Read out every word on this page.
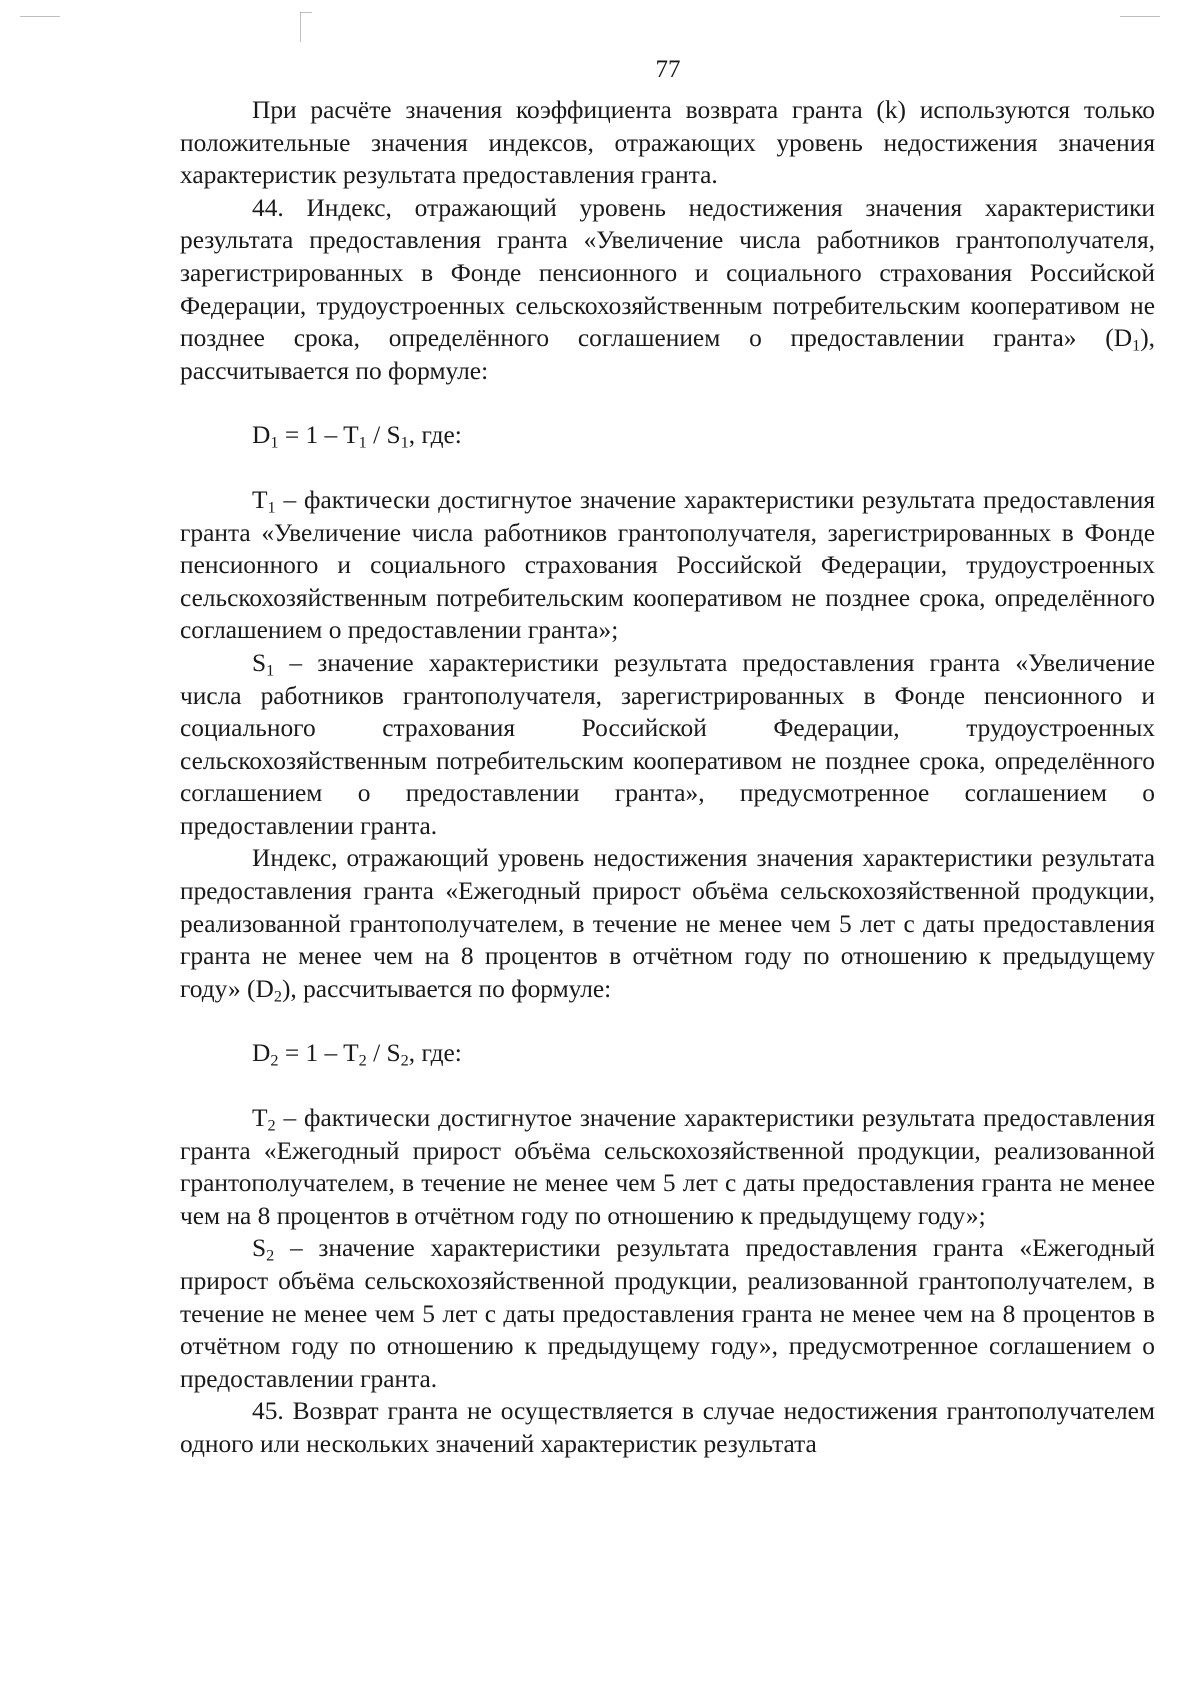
77

При расчёте значения коэффициента возврата гранта (k) используются только положительные значения индексов, отражающих уровень недостижения значения характеристик результата предоставления гранта.

44. Индекс, отражающий уровень недостижения значения характеристики результата предоставления гранта «Увеличение числа работников грантополучателя, зарегистрированных в Фонде пенсионного и социального страхования Российской Федерации, трудоустроенных сельскохозяйственным потребительским кооперативом не позднее срока, определённого соглашением о предоставлении гранта» $(D_1)$, рассчитывается по формуле:

$D_1 = 1 - T_1 / S_1$, где:

$T_1$ – фактически достигнутое значение характеристики результата предоставления гранта «Увеличение числа работников грантополучателя, зарегистрированных в Фонде пенсионного и социального страхования Российской Федерации, трудоустроенных сельскохозяйственным потребительским кооперативом не позднее срока, определённого соглашением о предоставлении гранта»;

$S_1$ – значение характеристики результата предоставления гранта «Увеличение числа работников грантополучателя, зарегистрированных в Фонде пенсионного и социального страхования Российской Федерации, трудоустроенных сельскохозяйственным потребительским кооперативом не позднее срока, определённого соглашением о предоставлении гранта», предусмотренное соглашением о предоставлении гранта.

Индекс, отражающий уровень недостижения значения характеристики результата предоставления гранта «Ежегодный прирост объёма сельскохозяйственной продукции, реализованной грантополучателем, в течение не менее чем 5 лет с даты предоставления гранта не менее чем на 8 процентов в отчётном году по отношению к предыдущему году» $(D_2)$, рассчитывается по формуле:

$D_2 = 1 - T_2 / S_2$, где:

$T_2$ – фактически достигнутое значение характеристики результата предоставления гранта «Ежегодный прирост объёма сельскохозяйственной продукции, реализованной грантополучателем, в течение не менее чем 5 лет с даты предоставления гранта не менее чем на 8 процентов в отчётном году по отношению к предыдущему году»;

$S_2$ – значение характеристики результата предоставления гранта «Ежегодный прирост объёма сельскохозяйственной продукции, реализованной грантополучателем, в течение не менее чем 5 лет с даты предоставления гранта не менее чем на 8 процентов в отчётном году по отношению к предыдущему году», предусмотренное соглашением о предоставлении гранта.

45. Возврат гранта не осуществляется в случае недостижения грантополучателем одного или нескольких значений характеристик результата
